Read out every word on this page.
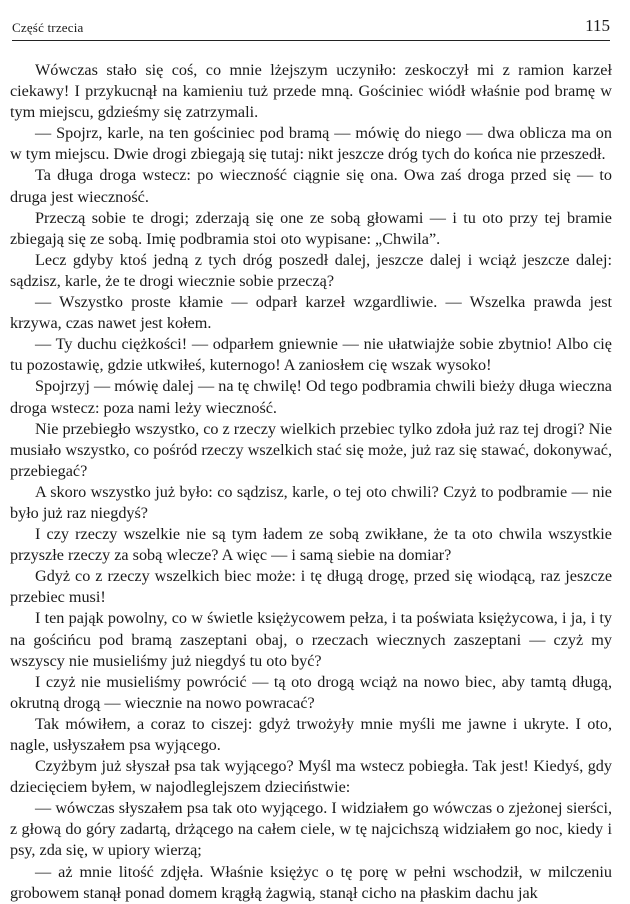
Część trzecia	115

Wówczas stało się coś, co mnie lżejszym uczyniło: zeskoczył mi z ramion karzeł ciekawy! I przykucnął na kamieniu tuż przede mną. Gościniec wiódł właśnie pod bramę w tym miejscu, gdzieśmy się zatrzymali.

— Spojrz, karle, na ten gościniec pod bramą — mówię do niego — dwa oblicza ma on w tym miejscu. Dwie drogi zbiegają się tutaj: nikt jeszcze dróg tych do końca nie przeszedł.

Ta długa droga wstecz: po wieczność ciągnie się ona. Owa zaś droga przed się — to druga jest wieczność.

Przeczą sobie te drogi; zderzają się one ze sobą głowami — i tu oto przy tej bramie zbiegają się ze sobą. Imię podbramia stoi oto wypisane: „Chwila”.

Lecz gdyby ktoś jedną z tych dróg poszedł dalej, jeszcze dalej i wciąż jeszcze dalej: sądzisz, karle, że te drogi wiecznie sobie przeczą?

— Wszystko proste kłamie — odparł karzeł wzgardliwie. — Wszelka prawda jest krzywa, czas nawet jest kołem.

— Ty duchu ciężkości! — odparłem gniewnie — nie ułatwiajże sobie zbytnio! Albo cię tu pozostawię, gdzie utkwiłeś, kuternogo! A zaniosłem cię wszak wysoko!

Spojrzyj — mówię dalej — na tę chwilę! Od tego podbramia chwili bieży długa wieczna droga wstecz: poza nami leży wieczność.

Nie przebiegło wszystko, co z rzeczy wielkich przebiec tylko zdoła już raz tej drogi? Nie musiało wszystko, co pośród rzeczy wszelkich stać się może, już raz się stawać, dokonywać, przebiegać?

A skoro wszystko już było: co sądzisz, karle, o tej oto chwili? Czyż to podbramie — nie było już raz niegdyś?

I czy rzeczy wszelkie nie są tym ładem ze sobą zwikłane, że ta oto chwila wszystkie przyszłe rzeczy za sobą wlecze? A więc — i samą siebie na domiar?

Gdyż co z rzeczy wszelkich biec może: i tę długą drogę, przed się wiodącą, raz jeszcze przebiec musi!

I ten pająk powolny, co w świetle księżycowem pełza, i ta poświata księżycowa, i ja, i ty na gościńcu pod bramą zaszeptani obaj, o rzeczach wiecznych zaszeptani — czyż my wszyscy nie musieliśmy już niegdyś tu oto być?

I czyż nie musieliśmy powrócić — tą oto drogą wciąż na nowo biec, aby tamtą długą, okrutną drogą — wiecznie na nowo powracać?

Tak mówiłem, a coraz to ciszej: gdyż trwożyły mnie myśli me jawne i ukryte. I oto, nagle, usłyszałem psa wyjącego.

Czyżbym już słyszał psa tak wyjącego? Myśl ma wstecz pobiegła. Tak jest! Kiedyś, gdy dziecięciem byłem, w najodleglejszem dzieciństwie:

— wówczas słyszałem psa tak oto wyjącego. I widziałem go wówczas o zjeżonej sierści, z głową do góry zadartą, drżącego na całem ciele, w tę najcichszą widziałem go noc, kiedy i psy, zda się, w upiory wierzą;

— aż mnie litość zdjęła. Właśnie księżyc o tę porę w pełni wschodził, w milczeniu grobowem stanął ponad domem krągłą żagwią, stanął cicho na płaskim dachu jak
